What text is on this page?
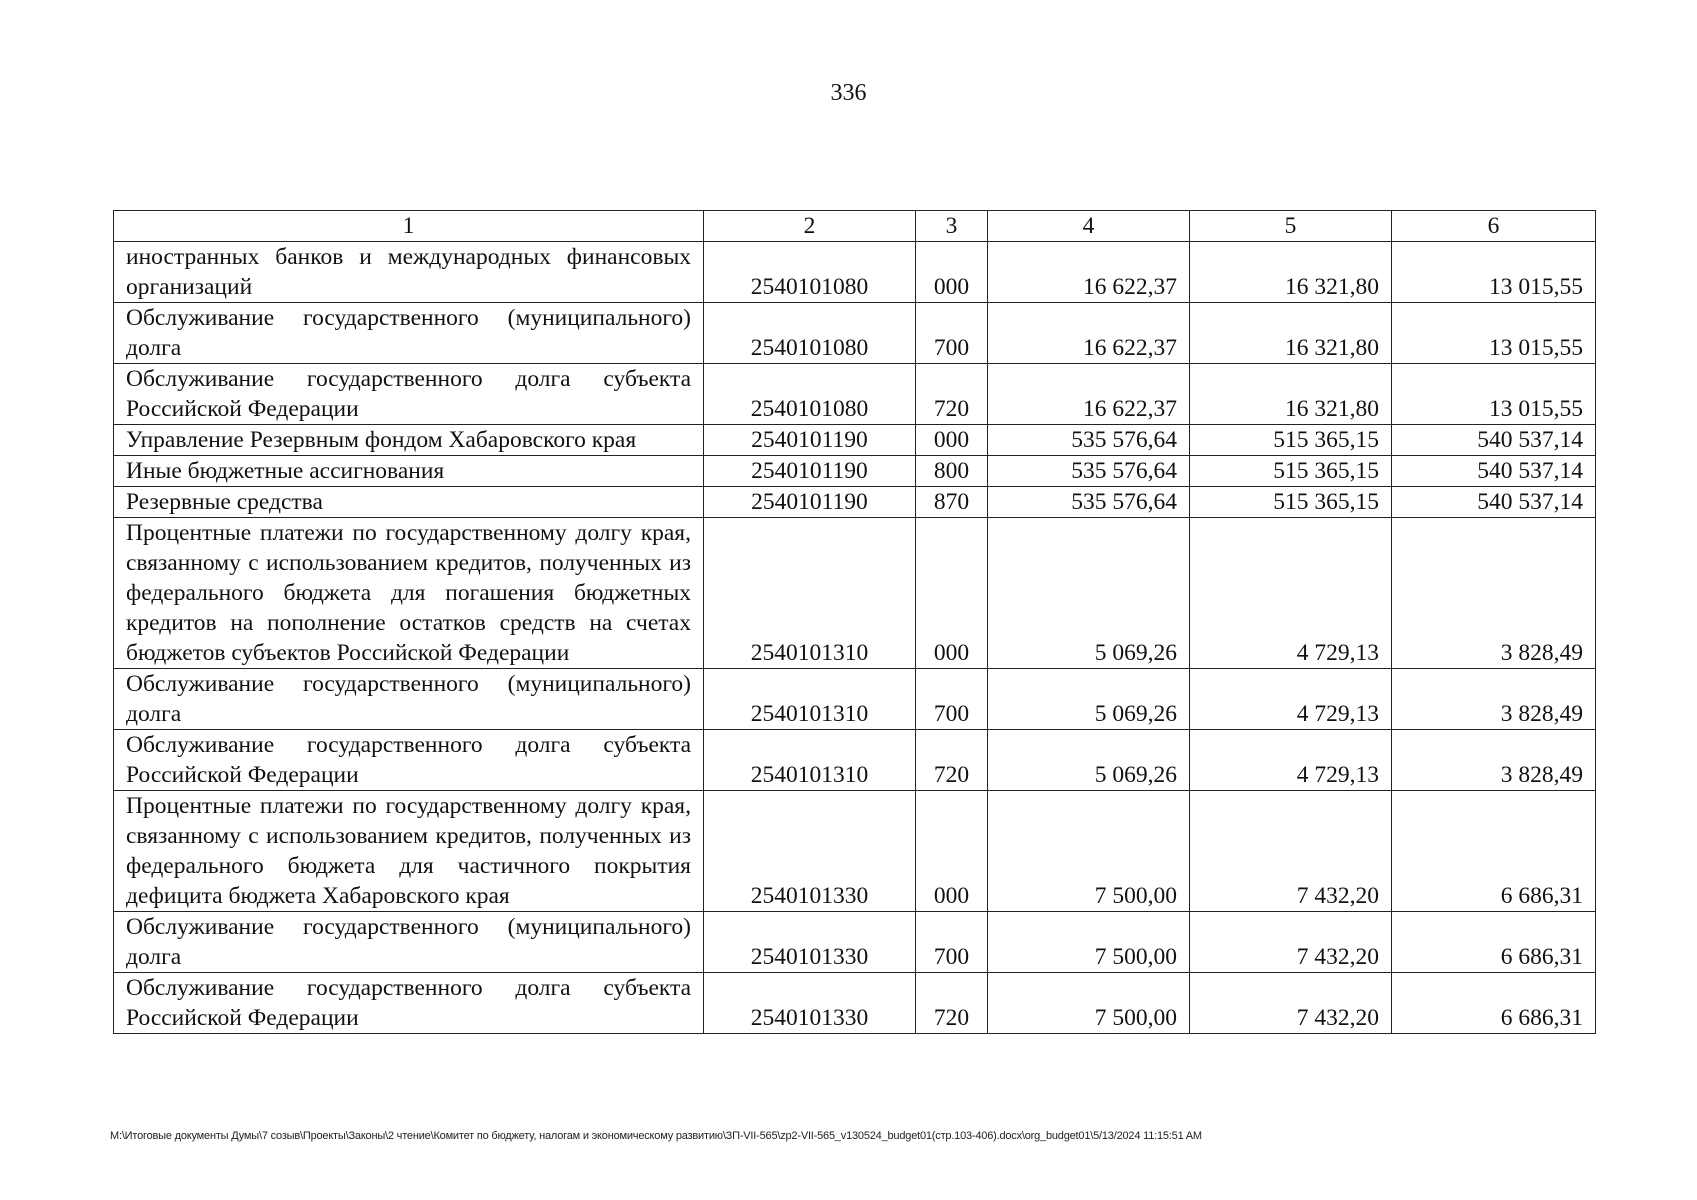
336
1	2	3	4	5	6
иностранных банков и международных финансовых организаций	2540101080	000	16 622,37	16 321,80	13 015,55
Обслуживание государственного (муниципального) долга	2540101080	700	16 622,37	16 321,80	13 015,55
Обслуживание государственного долга субъекта Российской Федерации	2540101080	720	16 622,37	16 321,80	13 015,55
Управление Резервным фондом Хабаровского края	2540101190	000	535 576,64	515 365,15	540 537,14
Иные бюджетные ассигнования	2540101190	800	535 576,64	515 365,15	540 537,14
Резервные средства	2540101190	870	535 576,64	515 365,15	540 537,14
Процентные платежи по государственному долгу края, связанному с использованием кредитов, полученных из федерального бюджета для погашения бюджетных кредитов на пополнение остатков средств на счетах бюджетов субъектов Российской Федерации	2540101310	000	5 069,26	4 729,13	3 828,49
Обслуживание государственного (муниципального) долга	2540101310	700	5 069,26	4 729,13	3 828,49
Обслуживание государственного долга субъекта Российской Федерации	2540101310	720	5 069,26	4 729,13	3 828,49
Процентные платежи по государственному долгу края, связанному с использованием кредитов, полученных из федерального бюджета для частичного покрытия дефицита бюджета Хабаровского края	2540101330	000	7 500,00	7 432,20	6 686,31
Обслуживание государственного (муниципального) долга	2540101330	700	7 500,00	7 432,20	6 686,31
Обслуживание государственного долга субъекта Российской Федерации	2540101330	720	7 500,00	7 432,20	6 686,31
M:\Итоговые документы Думы\7 созыв\Проекты\Законы\2 чтение\Комитет по бюджету, налогам и экономическому развитию\ЗП-VII-565\zp2-VII-565_v130524_budget01(стр.103-406).docx\org_budget01\5/13/2024 11:15:51 AM
